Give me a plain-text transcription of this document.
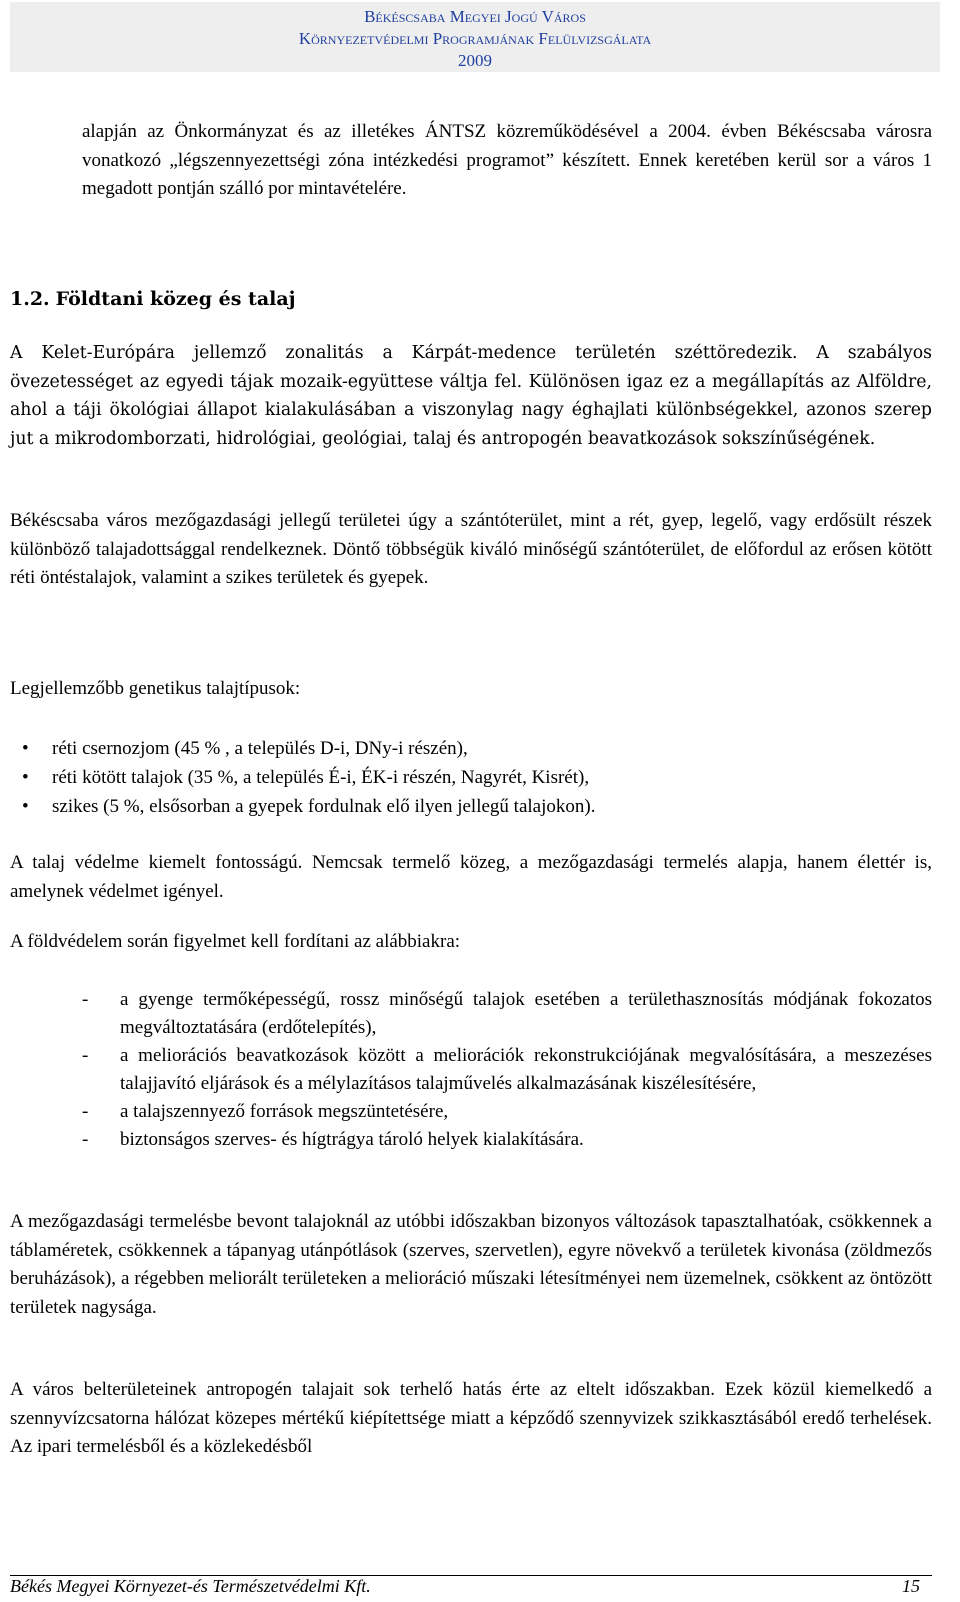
Békéscsaba Megyei Jogú Város
Környezetvédelmi Programjának Felülvizsgálata
2009

alapján az Önkormányzat és az illetékes ÁNTSZ közreműködésével a 2004. évben Békéscsaba városra vonatkozó „légszennyezettségi zóna intézkedési programot” készített. Ennek keretében kerül sor a város 1 megadott pontján szálló por mintavételére.

1.2. Földtani közeg és talaj

A Kelet-Európára jellemző zonalitás a Kárpát-medence területén széttöredezik. A szabályos övezetességet az egyedi tájak mozaik-együttese váltja fel. Különösen igaz ez a megállapítás az Alföldre, ahol a táji ökológiai állapot kialakulásában a viszonylag nagy éghajlati különbségekkel, azonos szerep jut a mikrodomborzati, hidrológiai, geológiai, talaj és antropogén beavatkozások sokszínűségének.

Békéscsaba város mezőgazdasági jellegű területei úgy a szántóterület, mint a rét, gyep, legelő, vagy erdősült részek különböző talajadottsággal rendelkeznek. Döntő többségük kiváló minőségű szántóterület, de előfordul az erősen kötött réti öntéstalajok, valamint a szikes területek és gyepek.

Legjellemzőbb genetikus talajtípusok:

• réti csernozjom (45 % , a település D-i, DNy-i részén),
• réti kötött talajok (35 %, a település É-i, ÉK-i részén, Nagyrét, Kisrét),
• szikes (5 %, elsősorban a gyepek fordulnak elő ilyen jellegű talajokon).

A talaj védelme kiemelt fontosságú. Nemcsak termelő közeg, a mezőgazdasági termelés alapja, hanem élettér is, amelynek védelmet igényel.

A földvédelem során figyelmet kell fordítani az alábbiakra:

- a gyenge termőképességű, rossz minőségű talajok esetében a területhasznosítás módjának fokozatos megváltoztatására (erdőtelepítés),
- a meliorációs beavatkozások között a meliorációk rekonstrukciójának megvalósítására, a meszezéses talajjavító eljárások és a mélylazításos talajművelés alkalmazásának kiszélesítésére,
- a talajszennyező források megszüntetésére,
- biztonságos szerves- és hígtrágya tároló helyek kialakítására.

A mezőgazdasági termelésbe bevont talajoknál az utóbbi időszakban bizonyos változások tapasztalhatóak, csökkennek a táblaméretek, csökkennek a tápanyag utánpótlások (szerves, szervetlen), egyre növekvő a területek kivonása (zöldmezős beruházások), a régebben meliorált területeken a melioráció műszaki létesítményei nem üzemelnek, csökkent az öntözött területek nagysága.

A város belterületeinek antropogén talajait sok terhelő hatás érte az eltelt időszakban. Ezek közül kiemelkedő a szennyvízcsatorna hálózat közepes mértékű kiépítettsége miatt a képződő szennyvizek szikkasztásából eredő terhelések. Az ipari termelésből és a közlekedésből

Békés Megyei Környezet-és Természetvédelmi Kft.	15
